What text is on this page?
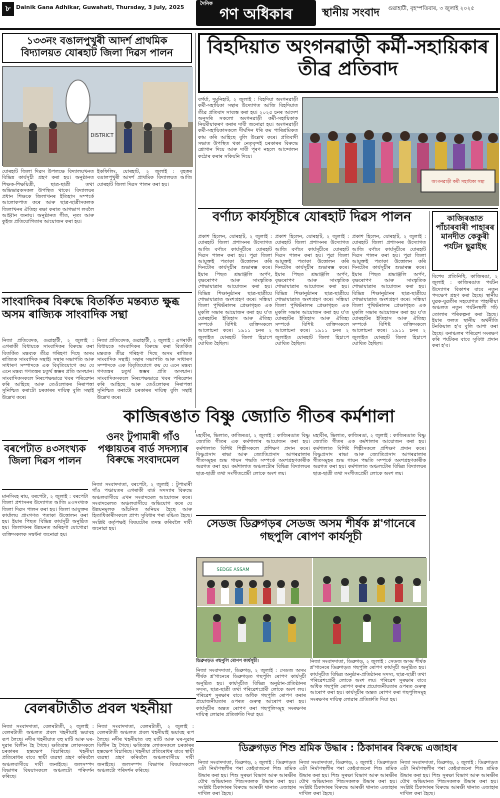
৮ Dainik Gana Adhikar, Guwahati, Thursday, 3 July, 2025
দৈনিক
গণ অধিকাৰ	স্থানীয় সংবাদ গুৱাহাটী, বৃহস্পতিবাৰ, ৩ জুলাই ২০২৫
১৩৩নং বঙালপুখুৰী আদৰ্শ প্ৰাথমিক বিদ্যালয়ত যোৰহাট জিলা দিৱস পালন
DISTRICT
যোৰহাট জিলা দিৱস উপলক্ষে বিদ্যালয়খনত বিভিন্ন কাৰ্যসূচী গ্ৰহণ কৰা হয়। অনুষ্ঠানত শিক্ষক-শিক্ষয়িত্ৰী, ছাত্ৰ-ছাত্ৰী তথা অভিভাৱকসকল উপস্থিত থাকে। বিদ্যালয়ৰ প্ৰধান শিক্ষকে জিলাখনৰ ইতিহাস সম্পৰ্কে আলোকপাত কৰে আৰু ছাত্ৰ-ছাত্ৰীসকলক জিলাখনৰ ঐতিহ্য ৰক্ষা কৰাত আগভাগ লবলৈ আহ্বান জনায়। অনুষ্ঠানত গীত, নৃত্য আৰু কুইজ প্ৰতিযোগিতাৰ আয়োজন কৰা হয়।
ইকফিলিং, যোৰহাট, ২ জুলাই : বৃহত্তৰ বঙালপুখুৰী আদৰ্শ প্ৰাথমিক বিদ্যালয়ত আজি যোৰহাট জিলা দিৱস পালন কৰা হয়।
সাংবাদিকৰ বিৰুদ্ধে বিতৰ্কিত মন্তব্যত ক্ষুব্ধ অসম ৰাজ্যিক সাংবাদিক সন্থা
নিজা প্ৰতিবেদক, গুৱাহাটী, ২ জুলাই : এগৰাকী বিধায়কে সাংবাদিকৰ বিৰুদ্ধে কৰা বিতৰ্কিত মন্তব্যক তীব্ৰ গৰিহণা দিছে অসম ৰাজ্যিক সাংবাদিক সন্থাই। সন্থাৰ সভাপতি আৰু সাধাৰণ সম্পাদকে এক বিবৃতিযোগে কয় যে এনে মন্তব্য গণতন্ত্ৰৰ চতুৰ্থ স্তম্ভৰ প্ৰতি অসন্মান। সাংবাদিকসকলে নিৰপেক্ষভাৱে খবৰ পৰিৱেশন কৰি আহিছে আৰু তেওঁলোকৰ নিৰাপত্তা সুনিশ্চিত কৰাটো চৰকাৰৰ দায়িত্ব বুলি সন্থাই উল্লেখ কৰে।
নিজা প্ৰতিবেদক, গুৱাহাটী, ২ জুলাই : এগৰাকী বিধায়কে সাংবাদিকৰ বিৰুদ্ধে কৰা বিতৰ্কিত মন্তব্যক তীব্ৰ গৰিহণা দিছে অসম ৰাজ্যিক সাংবাদিক সন্থাই। সন্থাৰ সভাপতি আৰু সাধাৰণ সম্পাদকে এক বিবৃতিযোগে কয় যে এনে মন্তব্য গণতন্ত্ৰৰ চতুৰ্থ স্তম্ভৰ প্ৰতি অসন্মান। সাংবাদিকসকলে নিৰপেক্ষভাৱে খবৰ পৰিৱেশন কৰি আহিছে আৰু তেওঁলোকৰ নিৰাপত্তা সুনিশ্চিত কৰাটো চৰকাৰৰ দায়িত্ব বুলি সন্থাই উল্লেখ কৰে।
বৰপেটাত ৪৩সংখ্যক জিলা দিৱস পালন
মানসিংহ ৰায়, বৰপেটা, ২ জুলাই : বৰপেটা জিলা প্ৰশাসনৰ উদ্যোগত আজি ৪৩সংখ্যক জিলা দিৱস পালন কৰা হয়। জিলা আয়ুক্তৰ কাৰ্যালয় প্ৰাংগণত পতাকা উত্তোলন কৰা হয়। ইয়াৰ পিছত বিভিন্ন কাৰ্যসূচী অনুষ্ঠিত হয়। জিলাখনৰ উন্নয়নত অৰিহণা যোগোৱা ব্যক্তিসকলক সম্বৰ্ধনা জনোৱা হয়।
ওনং টুপামাৰী গাঁও পঞ্চায়তৰ বাৰ্ড সদস্যাৰ বিৰুদ্ধে সংবাদমেল
নিজা সংবাদদাতা, বৰপেটা, ২ জুলাই : টুপামাৰী গাঁও পঞ্চায়তৰ এগৰাকী বাৰ্ড সদস্যাৰ বিৰুদ্ধে অঞ্চলবাসীয়ে এখন সংবাদমেল আয়োজন কৰে। সংবাদমেলত অঞ্চলবাসীয়ে অভিযোগ কৰে যে উন্নয়নমূলক আঁচনিত অনিয়ম হৈছে আৰু হিতাধিকাৰীসকলে প্ৰাপ্য সুবিধাৰ পৰা বঞ্চিত হৈছে। সংশ্লিষ্ট কৰ্তৃপক্ষই বিষয়টোৰ তদন্ত কৰিবলৈ দাবী জনোৱা হয়।
বিহদিয়াত অংগনৱাড়ী কৰ্মী-সহায়িকাৰ তীব্ৰ প্ৰতিবাদ
বৰ্গৰ্যা, দুমুনিহাট, ২ জুলাই : বিহদিয়া অংগনৱাড়ী কৰ্মী-সহায়িকা সন্থাৰ উদ্যোগত আজি বিহদিয়াত তীব্ৰ প্ৰতিবাদ সাব্যস্ত কৰা হয়। ২০২৫ চনৰ আদেশ অনুসৰি সকলো অংগনৱাড়ী কৰ্মী-সহায়িকাক নিয়মীয়াকৰণ কৰাৰ দাবী জনোৱা হয়। অংগনৱাড়ী কৰ্মী-সহায়িকাসকলে দীৰ্ঘদিন ধৰি কম পাৰিশ্ৰমিকত কাম কৰি আহিছে বুলি উল্লেখ কৰে। প্ৰতিবাদী সভাত উপস্থিত থকা নেতৃবৃন্দই চৰকাৰৰ বিৰুদ্ধে শ্লোগান দিয়ে আৰু দাবী পূৰণ নহলে আন্দোলন কঠোৰ কৰাৰ সকিয়নি দিয়ে।
অংগনৱাড়ী কৰ্মী সহায়িকা সন্থা
বৰ্ণাঢ্য কাৰ্যসূচীৰে যোৰহাট দিৱস পালন
প্ৰকাশ হিলেন, যোৰহাট, ২ জুলাই : যোৰহাট জিলা প্ৰশাসনৰ উদ্যোগত আজি বৰ্ণাঢ্য কাৰ্যসূচীৰে যোৰহাট দিৱস পালন কৰা হয়। পুৱা জিলা আয়ুক্তই পতাকা উত্তোলন কৰি দিনটোৰ কাৰ্যসূচীৰ শুভাৰম্ভ কৰে। ইয়াৰ পিছত শ্ৰদ্ধাঞ্জলি অৰ্পণ, বৃক্ষৰোপণ আৰু সাংস্কৃতিক শোভাযাত্ৰাৰ আয়োজন কৰা হয়। বিভিন্ন শিক্ষানুষ্ঠানৰ ছাত্ৰ-ছাত্ৰীয়ে শোভাযাত্ৰাত অংশগ্ৰহণ কৰে। সন্ধিয়া জিলা পুথিভঁৰালৰ প্ৰেক্ষাগৃহত এক মুকলি সভাৰ আয়োজন কৰা হয় য'ত যোৰহাটৰ ইতিহাস আৰু ঐতিহ্য সম্পৰ্কে বিশিষ্ট ব্যক্তিসকলে আলোচনা কৰে। ১৯১১ চনৰ ২ জুলাইত যোৰহাট জিলা হিচাপে ঘোষিত হৈছিল।
প্ৰকাশ হিলেন, যোৰহাট, ২ জুলাই : যোৰহাট জিলা প্ৰশাসনৰ উদ্যোগত আজি বৰ্ণাঢ্য কাৰ্যসূচীৰে যোৰহাট দিৱস পালন কৰা হয়। পুৱা জিলা আয়ুক্তই পতাকা উত্তোলন কৰি দিনটোৰ কাৰ্যসূচীৰ শুভাৰম্ভ কৰে। ইয়াৰ পিছত শ্ৰদ্ধাঞ্জলি অৰ্পণ, বৃক্ষৰোপণ আৰু সাংস্কৃতিক শোভাযাত্ৰাৰ আয়োজন কৰা হয়। বিভিন্ন শিক্ষানুষ্ঠানৰ ছাত্ৰ-ছাত্ৰীয়ে শোভাযাত্ৰাত অংশগ্ৰহণ কৰে। সন্ধিয়া জিলা পুথিভঁৰালৰ প্ৰেক্ষাগৃহত এক মুকলি সভাৰ আয়োজন কৰা হয় য'ত যোৰহাটৰ ইতিহাস আৰু ঐতিহ্য সম্পৰ্কে বিশিষ্ট ব্যক্তিসকলে আলোচনা কৰে। ১৯১১ চনৰ ২ জুলাইত যোৰহাট জিলা হিচাপে ঘোষিত হৈছিল।
প্ৰকাশ হিলেন, যোৰহাট, ২ জুলাই : যোৰহাট জিলা প্ৰশাসনৰ উদ্যোগত আজি বৰ্ণাঢ্য কাৰ্যসূচীৰে যোৰহাট দিৱস পালন কৰা হয়। পুৱা জিলা আয়ুক্তই পতাকা উত্তোলন কৰি দিনটোৰ কাৰ্যসূচীৰ শুভাৰম্ভ কৰে। ইয়াৰ পিছত শ্ৰদ্ধাঞ্জলি অৰ্পণ, বৃক্ষৰোপণ আৰু সাংস্কৃতিক শোভাযাত্ৰাৰ আয়োজন কৰা হয়। বিভিন্ন শিক্ষানুষ্ঠানৰ ছাত্ৰ-ছাত্ৰীয়ে শোভাযাত্ৰাত অংশগ্ৰহণ কৰে। সন্ধিয়া জিলা পুথিভঁৰালৰ প্ৰেক্ষাগৃহত এক মুকলি সভাৰ আয়োজন কৰা হয় য'ত যোৰহাটৰ ইতিহাস আৰু ঐতিহ্য সম্পৰ্কে বিশিষ্ট ব্যক্তিসকলে আলোচনা কৰে। ১৯১১ চনৰ ২ জুলাইত যোৰহাট জিলা হিচাপে ঘোষিত হৈছিল।
কাজিৰঙাত পাঁচাৰবাৰী পাহাৰৰ মানদীত কেকুৰী পৰ্যটন ছুৱাইছ
বিশেষ প্ৰতিনিধি, কাজিৰঙা, ২ জুলাই : কাজিৰঙাত পৰ্যটন উদ্যোগৰ বিকাশৰ বাবে নতুন পদক্ষেপ গ্ৰহণ কৰা হৈছে। স্থানীয় যুৱক-যুৱতীৰ সহযোগত পাহাৰীয়া অঞ্চলত নতুন পৰ্যটনস্থলী গঢ়ি তোলাৰ পৰিকল্পনা কৰা হৈছে। ইয়াৰ ফলত স্থানীয় অৰ্থনীতি টনকিয়াল হ'ব বুলি আশা কৰা হৈছে। বনাঞ্চলৰ পৰিৱেশ সংৰক্ষণ কৰি পৰ্যটকৰ বাবে সুবিধা প্ৰদান কৰা হ'ব।
কাজিৰঙাত বিষ্ণু জ্যোতি গীতৰ কৰ্মশালা
মহাবীৰ, ভিলাত, কাজিৰঙা, ২ জুলাই : কাজিৰঙাত বিষ্ণু জ্যোতি গীতৰ এক কৰ্মশালাৰ আয়োজন কৰা হয়। কৰ্মশালাত বিশিষ্ট শিল্পীসকলে প্ৰশিক্ষণ প্ৰদান কৰে। বিষ্ণুপ্ৰসাদ ৰাভা আৰু জ্যোতিপ্ৰসাদ আগৰৱালাৰ গীতসমূহৰ শুদ্ধ গায়ন পদ্ধতি সম্পৰ্কে অংশগ্ৰহণকাৰীক অৱগত কৰা হয়। কৰ্মশালাত অঞ্চলটোৰ বিভিন্ন বিদ্যালয়ৰ ছাত্ৰ-ছাত্ৰী তথা সংগীতপ্ৰেমী লোকে অংশ লয়।
মহাবীৰ, ভিলাত, কাজিৰঙা, ২ জুলাই : কাজিৰঙাত বিষ্ণু জ্যোতি গীতৰ এক কৰ্মশালাৰ আয়োজন কৰা হয়। কৰ্মশালাত বিশিষ্ট শিল্পীসকলে প্ৰশিক্ষণ প্ৰদান কৰে। বিষ্ণুপ্ৰসাদ ৰাভা আৰু জ্যোতিপ্ৰসাদ আগৰৱালাৰ গীতসমূহৰ শুদ্ধ গায়ন পদ্ধতি সম্পৰ্কে অংশগ্ৰহণকাৰীক অৱগত কৰা হয়। কৰ্মশালাত অঞ্চলটোৰ বিভিন্ন বিদ্যালয়ৰ ছাত্ৰ-ছাত্ৰী তথা সংগীতপ্ৰেমী লোকে অংশ লয়।
সেডজ ডিব্ৰুগড়ৰ সেডজ অসম শীৰ্ষক শ্ল'গানেৰে গছপুলি ৰোপণ কাৰ্যসূচী
SEDGE ASSAM
ডিব্ৰুগড়ত গছপুলি ৰোপণ কাৰ্যসূচী।
নিজা সংবাদদাতা, ডিব্ৰুগড়, ২ জুলাই : সেডজ অসম শীৰ্ষক শ্ল'গানেৰে ডিব্ৰুগড়ত গছপুলি ৰোপণ কাৰ্যসূচী অনুষ্ঠিত হয়। কাৰ্যসূচীত বিভিন্ন অনুষ্ঠান-প্ৰতিষ্ঠানৰ সদস্য, ছাত্ৰ-ছাত্ৰী তথা পৰিৱেশপ্ৰেমী লোকে অংশ লয়। পৰিৱেশ সুৰক্ষাৰ বাবে অধিক গছপুলি ৰোপণ কৰাৰ প্ৰয়োজনীয়তাৰ ওপৰত গুৰুত্ব আৰোপ কৰা হয়। কাৰ্যসূচীৰ অন্তত ৰোপণ কৰা গছপুলিসমূহ সংৰক্ষণৰ দায়িত্ব লোৱাৰ প্ৰতিশ্ৰুতি দিয়া হয়।
নিজা সংবাদদাতা, ডিব্ৰুগড়, ২ জুলাই : সেডজ অসম শীৰ্ষক শ্ল'গানেৰে ডিব্ৰুগড়ত গছপুলি ৰোপণ কাৰ্যসূচী অনুষ্ঠিত হয়। কাৰ্যসূচীত বিভিন্ন অনুষ্ঠান-প্ৰতিষ্ঠানৰ সদস্য, ছাত্ৰ-ছাত্ৰী তথা পৰিৱেশপ্ৰেমী লোকে অংশ লয়। পৰিৱেশ সুৰক্ষাৰ বাবে অধিক গছপুলি ৰোপণ কৰাৰ প্ৰয়োজনীয়তাৰ ওপৰত গুৰুত্ব আৰোপ কৰা হয়। কাৰ্যসূচীৰ অন্তত ৰোপণ কৰা গছপুলিসমূহ সংৰক্ষণৰ দায়িত্ব লোৱাৰ প্ৰতিশ্ৰুতি দিয়া হয়।
বেলৰটাতীত প্ৰবল খহনীয়া
নিজা সংবাদদাতা, বেলৰটাতী, ২ জুলাই : বেলৰটাতী অঞ্চলত প্ৰবল খহনীয়াই ভয়াবহ ৰূপ লৈছে। নদীৰ খহনীয়াত বহু মাটি আৰু ঘৰ-দুৱাৰ বিলীন হৈ গৈছে। ক্ষতিগ্ৰস্ত লোকসকলে চৰকাৰৰ হস্তক্ষেপ বিচাৰিছে। খহনীয়া প্ৰতিৰোধৰ বাবে স্থায়ী ব্যৱস্থা গ্ৰহণ কৰিবলৈ অঞ্চলবাসীয়ে দাবী জনাইছে। জলসম্পদ বিভাগৰ বিষয়াসকলে অঞ্চলটো পৰিদৰ্শন কৰিছে।
নিজা সংবাদদাতা, বেলৰটাতী, ২ জুলাই : বেলৰটাতী অঞ্চলত প্ৰবল খহনীয়াই ভয়াবহ ৰূপ লৈছে। নদীৰ খহনীয়াত বহু মাটি আৰু ঘৰ-দুৱাৰ বিলীন হৈ গৈছে। ক্ষতিগ্ৰস্ত লোকসকলে চৰকাৰৰ হস্তক্ষেপ বিচাৰিছে। খহনীয়া প্ৰতিৰোধৰ বাবে স্থায়ী ব্যৱস্থা গ্ৰহণ কৰিবলৈ অঞ্চলবাসীয়ে দাবী জনাইছে। জলসম্পদ বিভাগৰ বিষয়াসকলে অঞ্চলটো পৰিদৰ্শন কৰিছে।
ডিব্ৰুগড়ত শিশু শ্ৰমিক উদ্ধাৰ : ঠিকাদাৰৰ বিৰুদ্ধে এজাহাৰ
নিজা সংবাদদাতা, ডিব্ৰুগড়, ২ জুলাই : ডিব্ৰুগড়ত এটা নিৰ্মাণস্থলীৰ পৰা কেইবাজনো শিশু শ্ৰমিক উদ্ধাৰ কৰা হয়। শিশু সুৰক্ষা বিভাগ আৰু আৰক্ষীৰ যৌথ অভিযানত শিশুসকলক উদ্ধাৰ কৰা হয়। সংশ্লিষ্ট ঠিকাদাৰৰ বিৰুদ্ধে আৰক্ষী থানাত এজাহাৰ দাখিল কৰা হৈছে।
নিজা সংবাদদাতা, ডিব্ৰুগড়, ২ জুলাই : ডিব্ৰুগড়ত এটা নিৰ্মাণস্থলীৰ পৰা কেইবাজনো শিশু শ্ৰমিক উদ্ধাৰ কৰা হয়। শিশু সুৰক্ষা বিভাগ আৰু আৰক্ষীৰ যৌথ অভিযানত শিশুসকলক উদ্ধাৰ কৰা হয়। সংশ্লিষ্ট ঠিকাদাৰৰ বিৰুদ্ধে আৰক্ষী থানাত এজাহাৰ দাখিল কৰা হৈছে।
নিজা সংবাদদাতা, ডিব্ৰুগড়, ২ জুলাই : ডিব্ৰুগড়ত এটা নিৰ্মাণস্থলীৰ পৰা কেইবাজনো শিশু শ্ৰমিক উদ্ধাৰ কৰা হয়। শিশু সুৰক্ষা বিভাগ আৰু আৰক্ষীৰ যৌথ অভিযানত শিশুসকলক উদ্ধাৰ কৰা হয়। সংশ্লিষ্ট ঠিকাদাৰৰ বিৰুদ্ধে আৰক্ষী থানাত এজাহাৰ দাখিল কৰা হৈছে।
